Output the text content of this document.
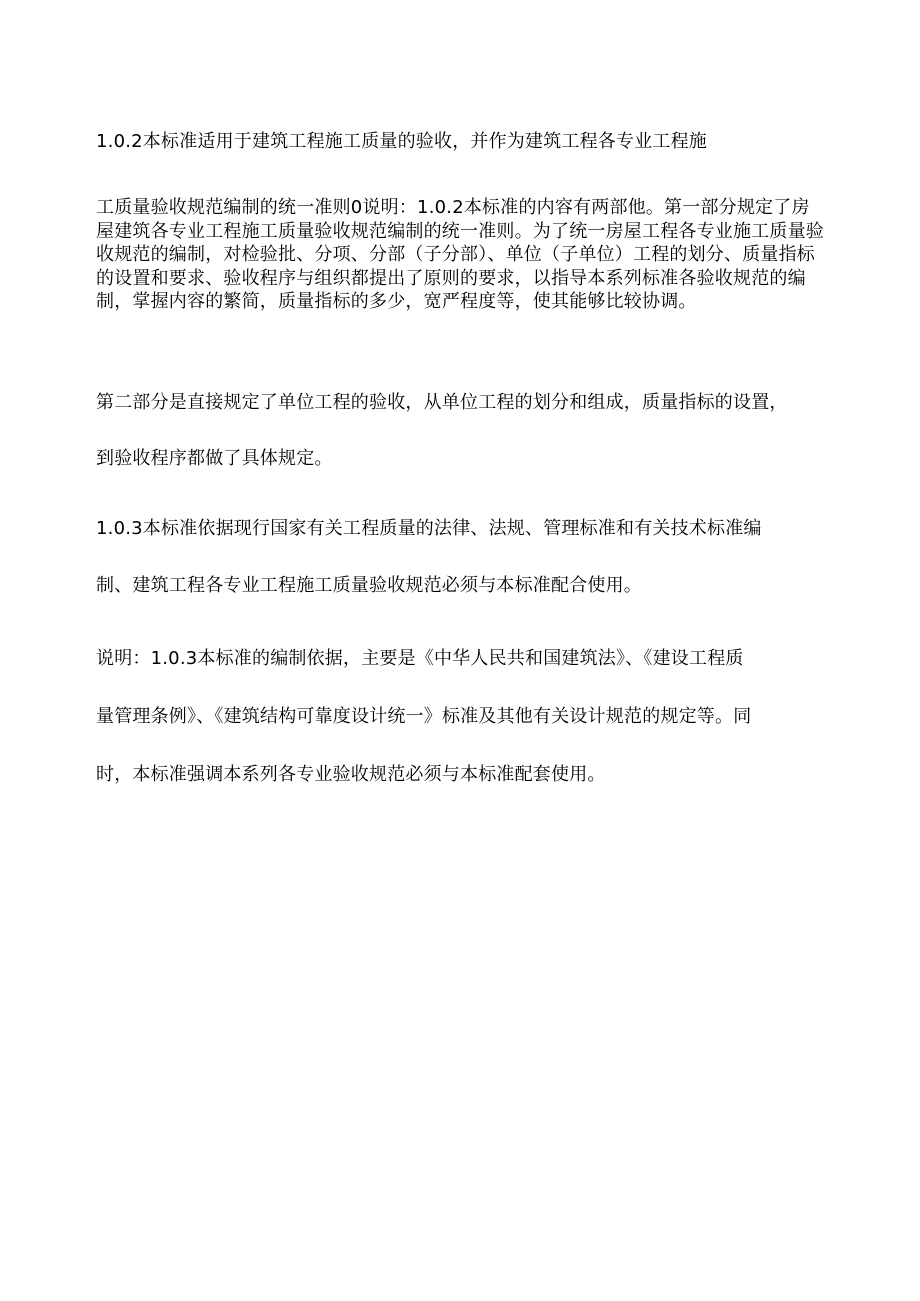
1.0.2本标准适用于建筑工程施工质量的验收，并作为建筑工程各专业工程施

工质量验收规范编制的统一准则0说明：1.0.2本标准的内容有两部他。第一部分规定了房屋建筑各专业工程施工质量验收规范编制的统一准则。为了统一房屋工程各专业施工质量验收规范的编制，对检验批、分项、分部（子分部）、单位（子单位）工程的划分、质量指标的设置和要求、验收程序与组织都提出了原则的要求，以指导本系列标准各验收规范的编制，掌握内容的繁简，质量指标的多少，宽严程度等，使其能够比较协调。

第二部分是直接规定了单位工程的验收，从单位工程的划分和组成，质量指标的设置，

到验收程序都做了具体规定。

1.0.3本标准依据现行国家有关工程质量的法律、法规、管理标准和有关技术标准编

制、建筑工程各专业工程施工质量验收规范必须与本标准配合使用。

说明：1.0.3本标准的编制依据，主要是《中华人民共和国建筑法》、《建设工程质

量管理条例》、《建筑结构可靠度设计统一》标准及其他有关设计规范的规定等。同

时，本标准强调本系列各专业验收规范必须与本标准配套使用。
